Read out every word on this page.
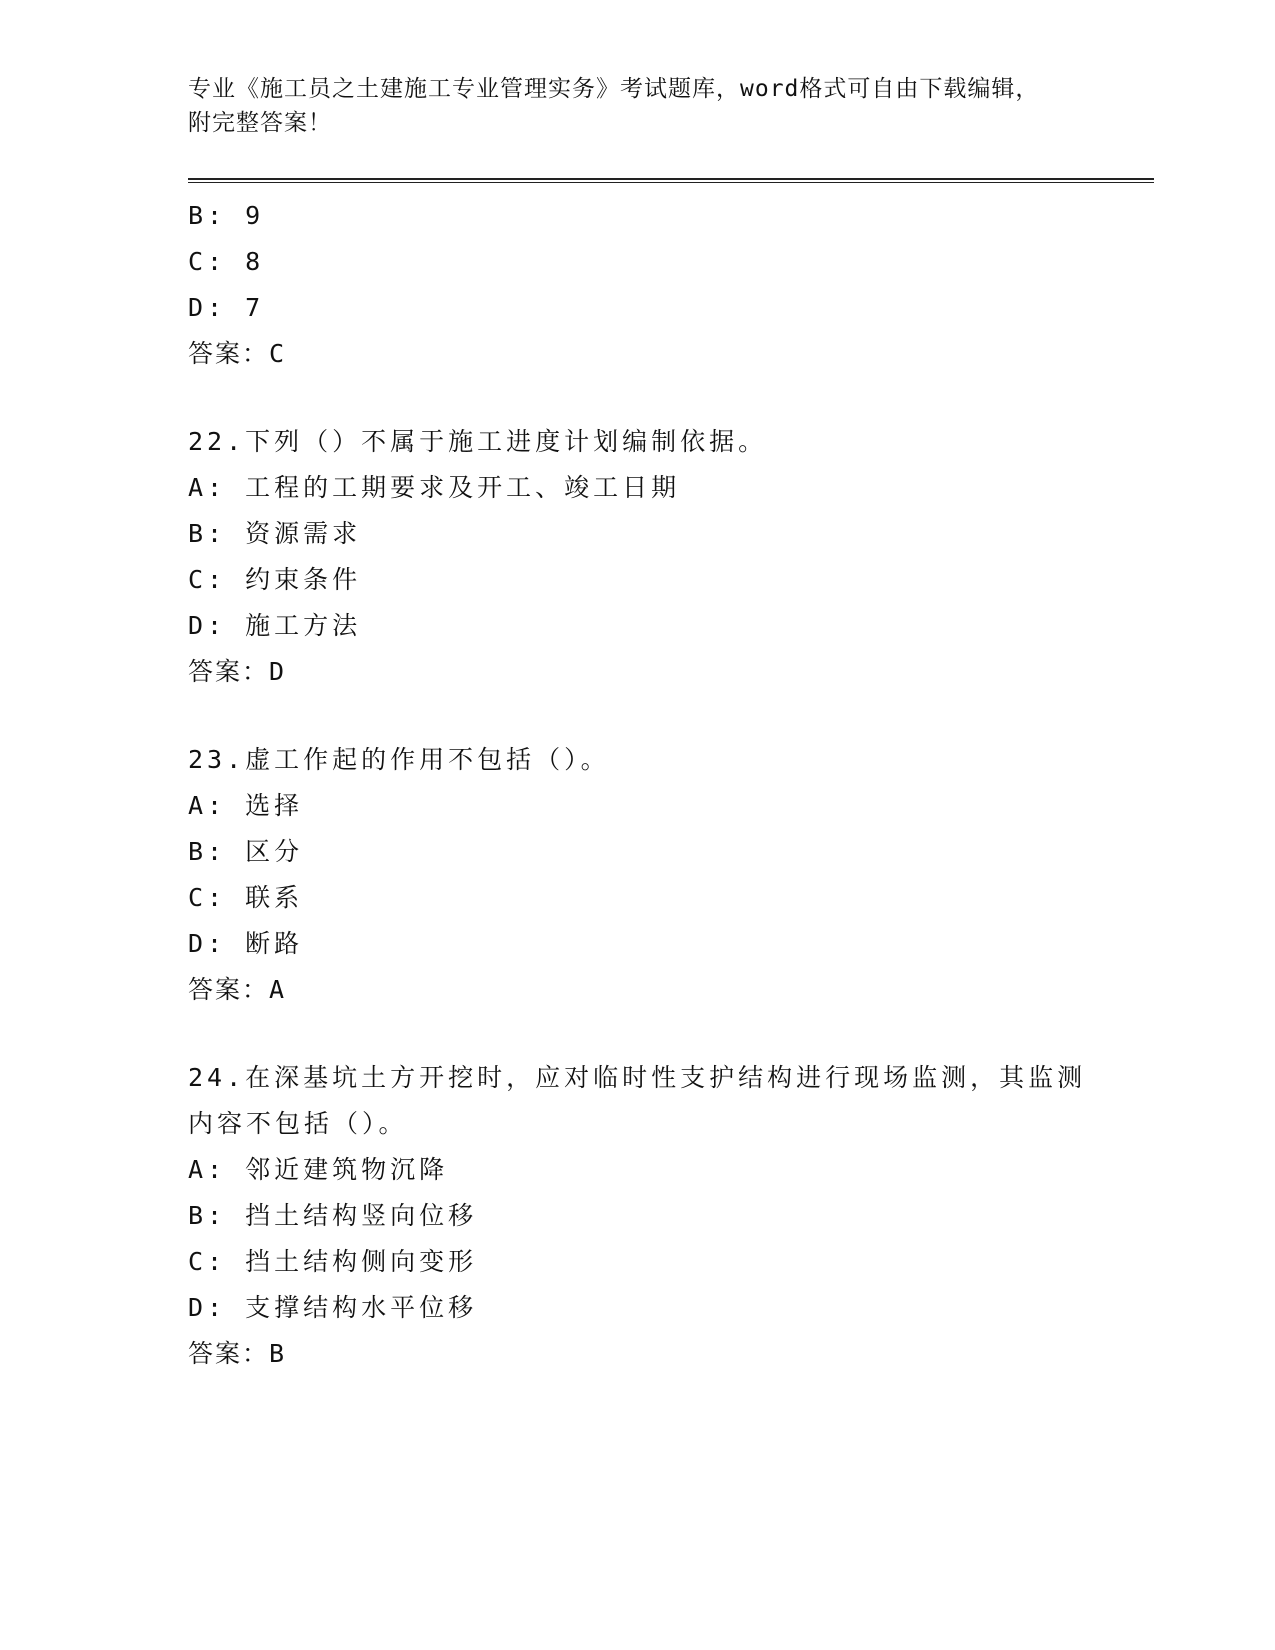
专业《施工员之土建施工专业管理实务》考试题库，word格式可自由下载编辑，
附完整答案！
B: 9
C: 8
D: 7
答案：C
22.下列（）不属于施工进度计划编制依据。
A: 工程的工期要求及开工、竣工日期
B: 资源需求
C: 约束条件
D: 施工方法
答案：D
23.虚工作起的作用不包括（）。
A: 选择
B: 区分
C: 联系
D: 断路
答案：A
24.在深基坑土方开挖时，应对临时性支护结构进行现场监测，其监测
内容不包括（）。
A: 邻近建筑物沉降
B: 挡土结构竖向位移
C: 挡土结构侧向变形
D: 支撑结构水平位移
答案：B
